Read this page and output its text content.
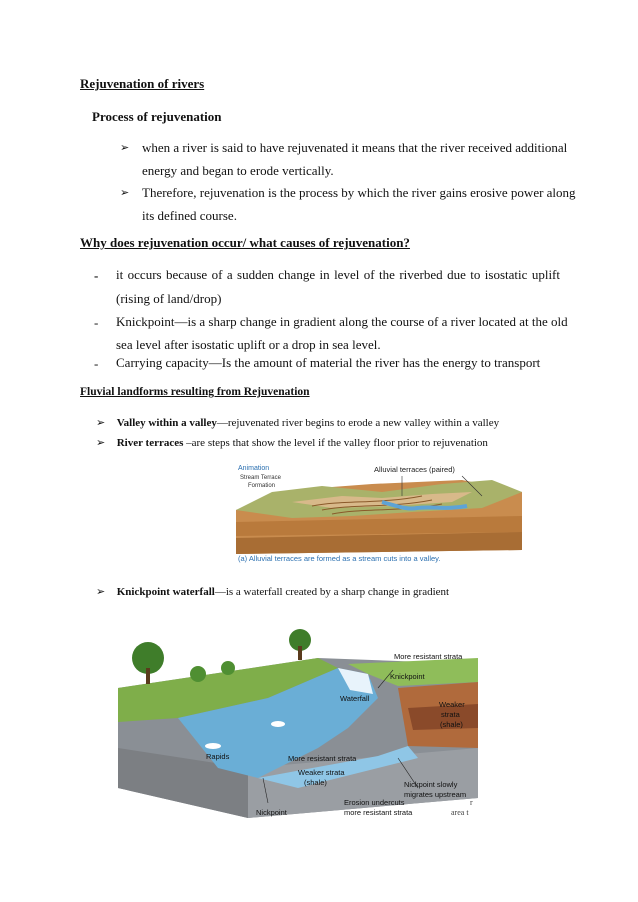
Rejuvenation of rivers
Process of rejuvenation
➢ when a river is said to have rejuvenated it means that the river received additional
energy and began to erode vertically.
➢ Therefore, rejuvenation is the process by which the river gains erosive power along
its defined course.
Why does rejuvenation occur/ what causes of rejuvenation?
- it occurs because of a sudden change in level of the riverbed due to isostatic uplift
(rising of land/drop)
- Knickpoint—is a sharp change in gradient along the course of a river located at the old
sea level after isostatic uplift or a drop in sea level.
- Carrying capacity—Is the amount of material the river has the energy to transport
Fluvial landforms resulting from Rejuvenation
➢ Valley within a valley—rejuvenated river begins to erode a new valley within a valley
➢ River terraces –are steps that show the level if the valley floor prior to rejuvenation
Animation
Stream Terrace
Formation
Alluvial terraces (paired)
(a) Alluvial terraces are formed as a stream cuts into a valley.
➢ Knickpoint waterfall—is a waterfall created by a sharp change in gradient
More resistant strata
Knickpoint
Waterfall
Weaker
strata
(shale)
Rapids	More resistant strata
Weaker strata
(shale)	Nickpoint slowly
migrates upstream
Erosion undercuts
more resistant strata
Nickpoint
r
area t
